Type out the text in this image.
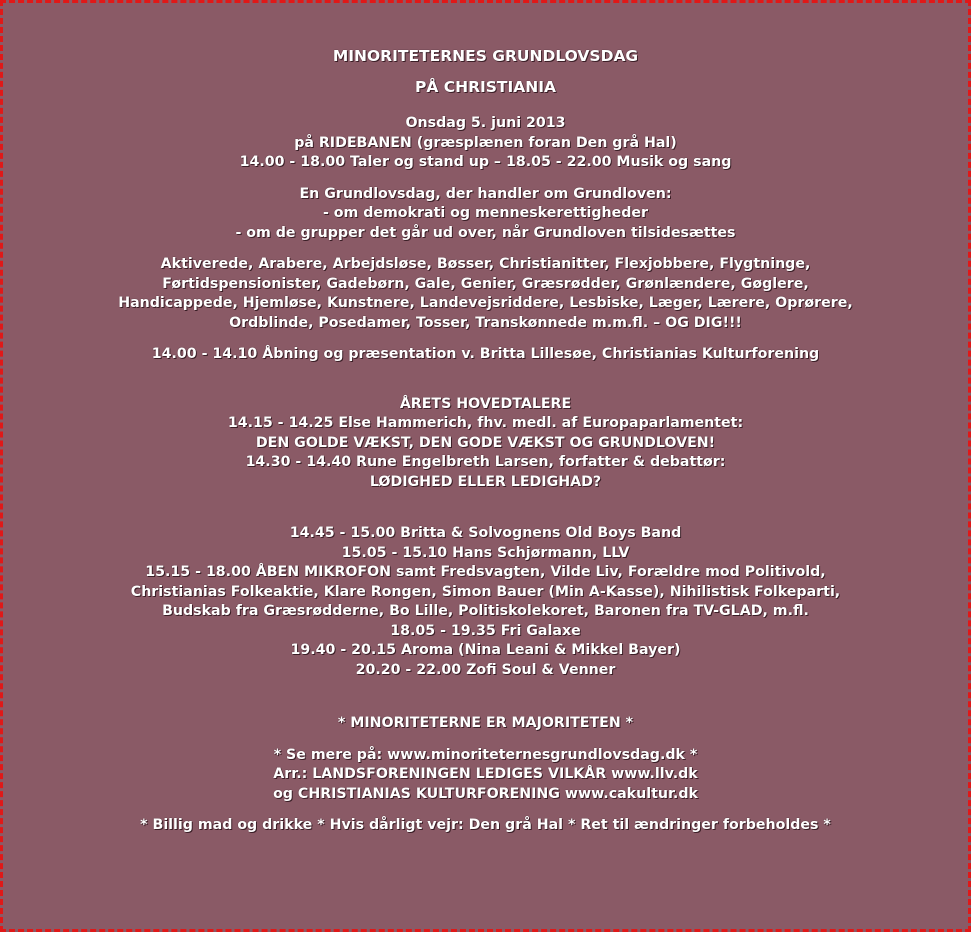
MINORITETERNES GRUNDLOVSDAG
PÅ CHRISTIANIA
Onsdag 5. juni 2013
på RIDEBANEN (græsplænen foran Den grå Hal)
14.00 - 18.00 Taler og stand up – 18.05 - 22.00 Musik og sang
En Grundlovsdag, der handler om Grundloven:
- om demokrati og menneskerettigheder
- om de grupper det går ud over, når Grundloven tilsidesættes
Aktiverede, Arabere, Arbejdsløse, Bøsser, Christianitter, Flexjobbere, Flygtninge,
Førtidspensionister, Gadebørn, Gale, Genier, Græsrødder, Grønlændere, Gøglere,
Handicappede, Hjemløse, Kunstnere, Landevejsriddere, Lesbiske, Læger, Lærere, Oprørere,
Ordblinde, Posedamer, Tosser, Transkønnede m.m.fl. – OG DIG!!!
14.00 - 14.10 Åbning og præsentation v. Britta Lillesøe, Christianias Kulturforening
ÅRETS HOVEDTALERE
14.15 - 14.25 Else Hammerich, fhv. medl. af Europaparlamentet:
DEN GOLDE VÆKST, DEN GODE VÆKST OG GRUNDLOVEN!
14.30 - 14.40 Rune Engelbreth Larsen, forfatter & debattør:
LØDIGHED ELLER LEDIGHAD?
14.45 - 15.00 Britta & Solvognens Old Boys Band
15.05 - 15.10 Hans Schjørmann, LLV
15.15 - 18.00 ÅBEN MIKROFON samt Fredsvagten, Vilde Liv, Forældre mod Politivold,
Christianias Folkeaktie, Klare Rongen, Simon Bauer (Min A-Kasse), Nihilistisk Folkeparti,
Budskab fra Græsrødderne, Bo Lille, Politiskolekoret, Baronen fra TV-GLAD, m.fl.
18.05 - 19.35 Fri Galaxe
19.40 - 20.15 Aroma (Nina Leani & Mikkel Bayer)
20.20 - 22.00 Zofi Soul & Venner
* MINORITETERNE ER MAJORITETEN *
* Se mere på: www.minoriteternesgrundlovsdag.dk *
Arr.: LANDSFORENINGEN LEDIGES VILKÅR www.llv.dk
og CHRISTIANIAS KULTURFORENING www.cakultur.dk
* Billig mad og drikke * Hvis dårligt vejr: Den grå Hal * Ret til ændringer forbeholdes *
